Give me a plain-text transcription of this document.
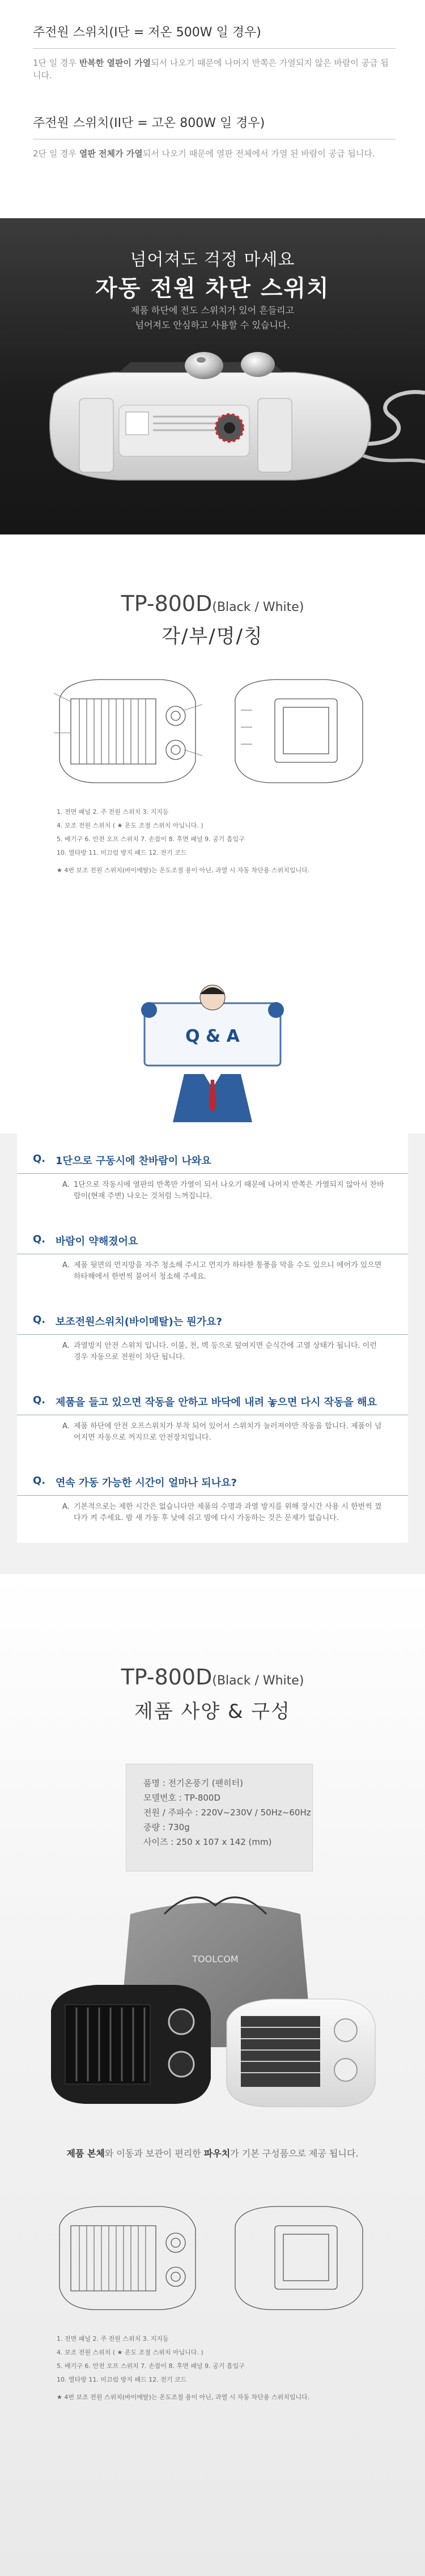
주전원 스위치(I단 = 저온 500W 일 경우)
1단 일 경우 반복한 열판이 가열되서 나오기 때문에 나머지 반쪽은 가열되지 않은 바람이 공급 됩니다.
주전원 스위치(II단 = 고온 800W 일 경우)
2단 일 경우 열판 전체가 가열되서 나오기 때문에 열판 전체에서 가열 된 바람이 공급 됩니다.
넘어져도 걱정 마세요
자동 전원 차단 스위치
제품 하단에 전도 스위치가 있어 흔들리고
넘어져도 안심하고 사용할 수 있습니다.
TP-800D(Black / White)
각/부/명/칭
1. 전면 패널 2. 주 전원 스위치 3. 지지등
4. 보조 전원 스위치 ( ★ 온도 조절 스위치 아닙니다. )
5. 배기구 6. 안전 오프 스위치 7. 손잡이 8. 후면 패널 9. 공기 흡입구
10. 열타방 11. 미끄럼 방지 패드 12. 전기 코드
★ 4번 보조 전원 스위치(바이메탈)는 온도조절 용이 아닌, 과열 시 자동 차단용 스위치입니다.
Q & A
Q. 1단으로 구동시에 찬바람이 나와요
A. 1단으로 작동시에 열판의 반쪽만 가열이 되서 나오기 때문에 나머지 반쪽은 가열되지 않아서 찬바람이(현재 주변) 나오는 것처럼 느껴집니다.
Q. 바람이 약해졌어요
A. 제품 뒷면의 먼지망을 자주 청소해 주시고 먼지가 하타한 통풍을 막을 수도 있으니 에어가 있으면 하타해에서 한번씩 불어서 청소해 주세요.
Q. 보조전원스위치(바이메탈)는 뭔가요?
A. 과열방지 안전 스위치 입니다. 이불, 천, 벽 등으로 덮여지면 순식간에 고열 상태가 됩니다. 이런 경우 자동으로 전원이 차단 됩니다.
Q. 제품을 들고 있으면 작동을 안하고 바닥에 내려 놓으면 다시 작동을 해요
A. 제품 하단에 안전 오프스위치가 부착 되어 있어서 스위치가 눌러져야만 작동을 합니다. 제품이 넘어지면 자동으로 꺼지므로 안전장치입니다.
Q. 연속 가동 가능한 시간이 얼마나 되나요?
A. 기본적으로는 제한 시간은 없습니다만 제품의 수명과 과열 방지를 위해 장시간 사용 시 한번씩 껐다가 켜 주세요. 밤 새 가동 후 낮에 쉬고 밤에 다시 가동하는 것은 문제가 없습니다.
TP-800D(Black / White)
제품 사양 & 구성
품명 : 전기온풍기 (팬히터)
모델번호 : TP-800D
전원 / 주파수 : 220V~230V / 50Hz~60Hz
중량 : 730g
사이즈 : 250 x 107 x 142 (mm)
TOOLCOM
제품 본체와 이동과 보관이 편리한 파우치가 기본 구성품으로 제공 됩니다.
1. 전면 패널 2. 주 전원 스위치 3. 지지등
4. 보조 전원 스위치 ( ★ 온도 조절 스위치 아닙니다. )
5. 배기구 6. 안전 오프 스위치 7. 손잡이 8. 후면 패널 9. 공기 흡입구
10. 열타방 11. 미끄럼 방지 패드 12. 전기 코드
★ 4번 보조 전원 스위치(바이메탈)는 온도조절 용이 아닌, 과열 시 자동 차단용 스위치입니다.
